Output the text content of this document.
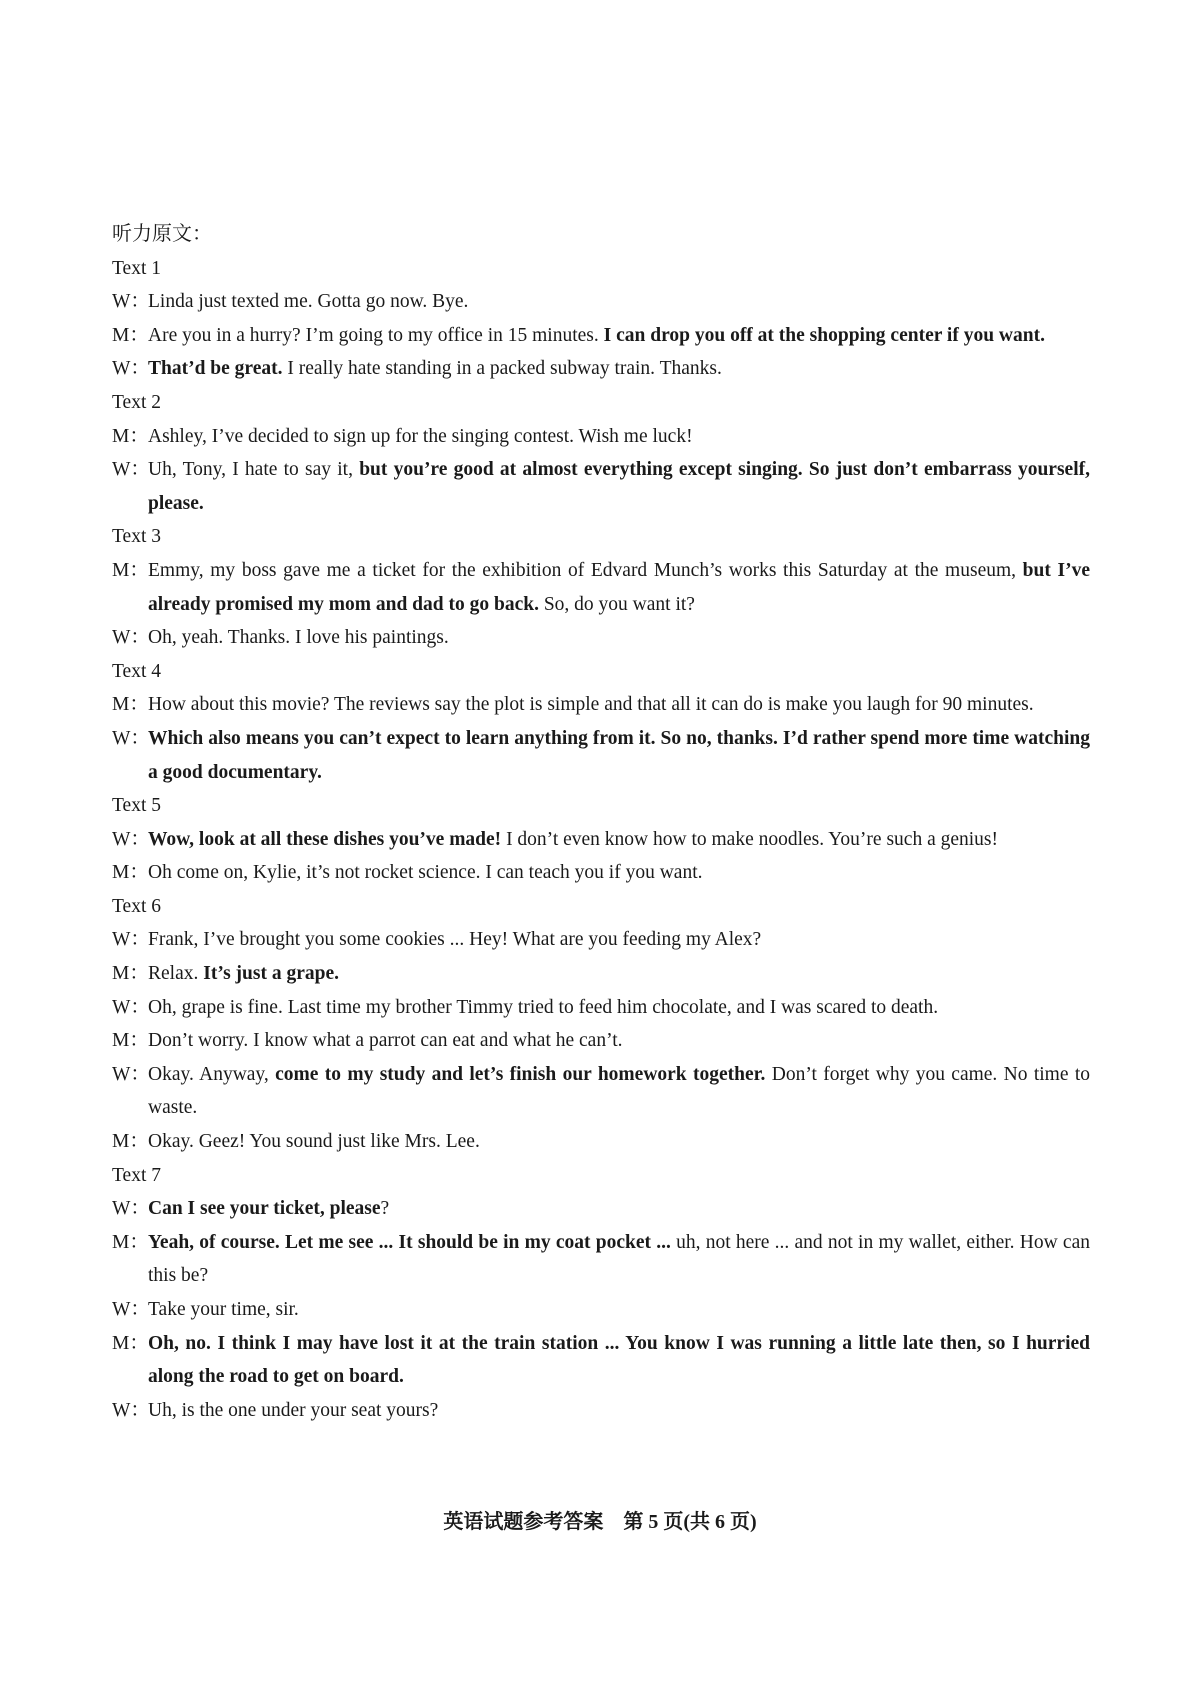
听力原文：

Text 1

W：Linda just texted me. Gotta go now. Bye.

M：Are you in a hurry? I’m going to my office in 15 minutes. I can drop you off at the shopping center if you want.

W：That’d be great. I really hate standing in a packed subway train. Thanks.

Text 2

M：Ashley, I’ve decided to sign up for the singing contest. Wish me luck!

W：Uh, Tony, I hate to say it, but you’re good at almost everything except singing. So just don’t embarrass yourself, please.

Text 3

M：Emmy, my boss gave me a ticket for the exhibition of Edvard Munch’s works this Saturday at the museum, but I’ve already promised my mom and dad to go back. So, do you want it?

W：Oh, yeah. Thanks. I love his paintings.

Text 4

M：How about this movie? The reviews say the plot is simple and that all it can do is make you laugh for 90 minutes.

W：Which also means you can’t expect to learn anything from it. So no, thanks. I’d rather spend more time watching a good documentary.

Text 5

W：Wow, look at all these dishes you’ve made! I don’t even know how to make noodles. You’re such a genius!

M：Oh come on, Kylie, it’s not rocket science. I can teach you if you want.

Text 6

W：Frank, I’ve brought you some cookies ... Hey! What are you feeding my Alex?

M：Relax. It’s just a grape.

W：Oh, grape is fine. Last time my brother Timmy tried to feed him chocolate, and I was scared to death.

M：Don’t worry. I know what a parrot can eat and what he can’t.

W：Okay. Anyway, come to my study and let’s finish our homework together. Don’t forget why you came. No time to waste.

M：Okay. Geez! You sound just like Mrs. Lee.

Text 7

W：Can I see your ticket, please?

M：Yeah, of course. Let me see ... It should be in my coat pocket ... uh, not here ... and not in my wallet, either. How can this be?

W：Take your time, sir.

M：Oh, no. I think I may have lost it at the train station ... You know I was running a little late then, so I hurried along the road to get on board.

W：Uh, is the one under your seat yours?

英语试题参考答案　第 5 页(共 6 页)
